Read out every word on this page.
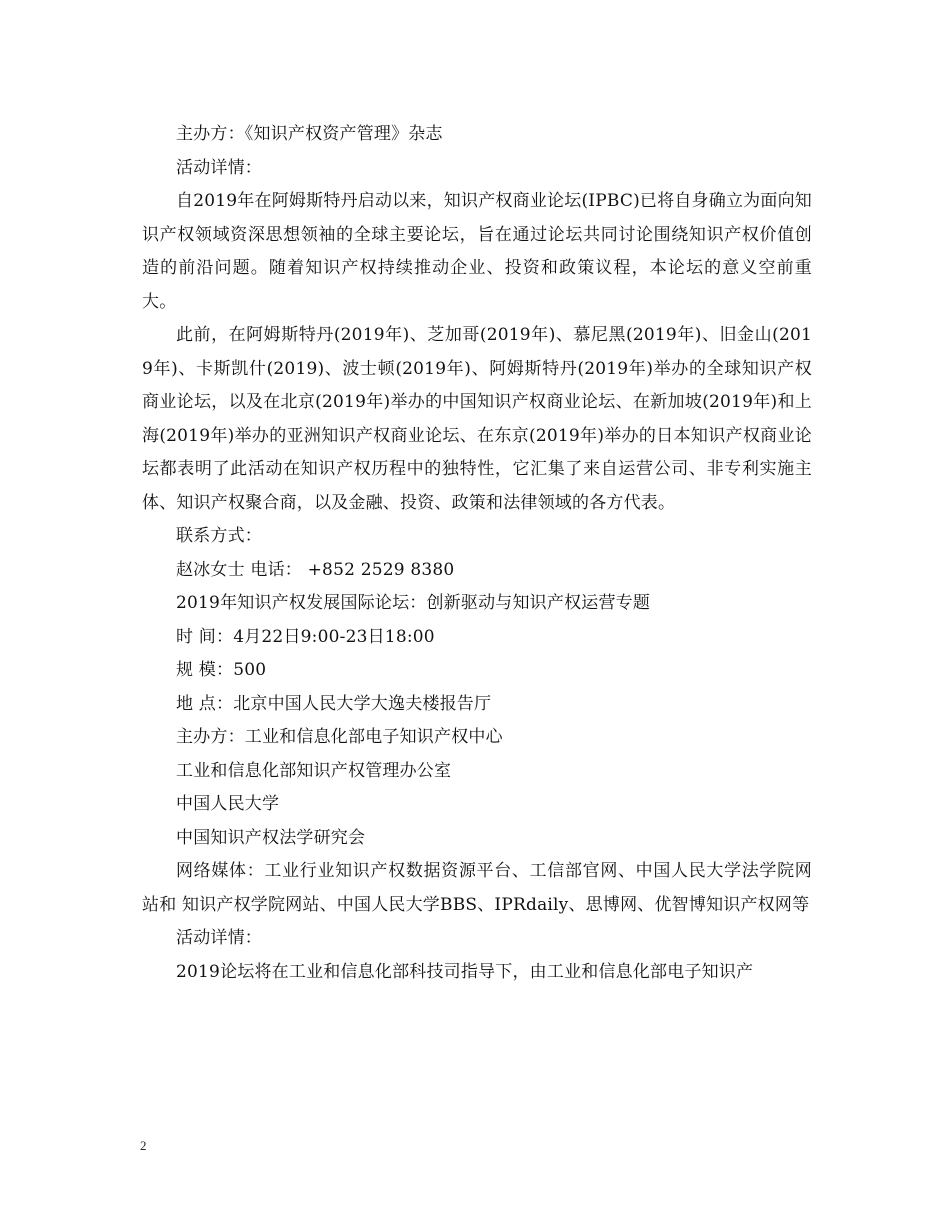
主办方：《知识产权资产管理》杂志

活动详情：

自2019年在阿姆斯特丹启动以来，知识产权商业论坛(IPBC)已将自身确立为面向知识产权领域资深思想领袖的全球主要论坛，旨在通过论坛共同讨论围绕知识产权价值创造的前沿问题。随着知识产权持续推动企业、投资和政策议程，本论坛的意义空前重大。

此前，在阿姆斯特丹(2019年)、芝加哥(2019年)、慕尼黑(2019年)、旧金山(2019年)、卡斯凯什(2019)、波士顿(2019年)、阿姆斯特丹(2019年)举办的全球知识产权商业论坛，以及在北京(2019年)举办的中国知识产权商业论坛、在新加坡(2019年)和上海(2019年)举办的亚洲知识产权商业论坛、在东京(2019年)举办的日本知识产权商业论坛都表明了此活动在知识产权历程中的独特性，它汇集了来自运营公司、非专利实施主体、知识产权聚合商，以及金融、投资、政策和法律领域的各方代表。

联系方式：

赵冰女士 电话： +852 2529 8380

2019年知识产权发展国际论坛：创新驱动与知识产权运营专题

时 间：4月22日9:00-23日18:00

规 模：500

地 点：北京中国人民大学大逸夫楼报告厅

主办方：工业和信息化部电子知识产权中心

工业和信息化部知识产权管理办公室

中国人民大学

中国知识产权法学研究会

网络媒体：工业行业知识产权数据资源平台、工信部官网、中国人民大学法学院网站和 知识产权学院网站、中国人民大学BBS、IPRdaily、思博网、优智博知识产权网等

活动详情：

2019论坛将在工业和信息化部科技司指导下，由工业和信息化部电子知识产

2
